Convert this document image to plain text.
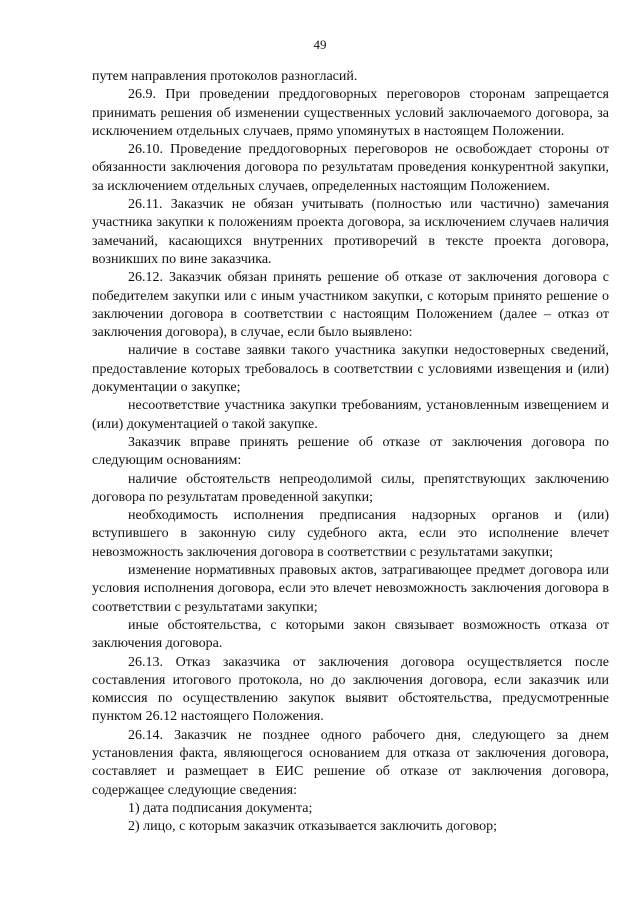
49

путем направления протоколов разногласий.

26.9. При проведении преддоговорных переговоров сторонам запрещается принимать решения об изменении существенных условий заключаемого договора, за исключением отдельных случаев, прямо упомянутых в настоящем Положении.

26.10. Проведение преддоговорных переговоров не освобождает стороны от обязанности заключения договора по результатам проведения конкурентной закупки, за исключением отдельных случаев, определенных настоящим Положением.

26.11. Заказчик не обязан учитывать (полностью или частично) замечания участника закупки к положениям проекта договора, за исключением случаев наличия замечаний, касающихся внутренних противоречий в тексте проекта договора, возникших по вине заказчика.

26.12. Заказчик обязан принять решение об отказе от заключения договора с победителем закупки или с иным участником закупки, с которым принято решение о заключении договора в соответствии с настоящим Положением (далее – отказ от заключения договора), в случае, если было выявлено:

наличие в составе заявки такого участника закупки недостоверных сведений, предоставление которых требовалось в соответствии с условиями извещения и (или) документации о закупке;

несоответствие участника закупки требованиям, установленным извещением и (или) документацией о такой закупке.

Заказчик вправе принять решение об отказе от заключения договора по следующим основаниям:

наличие обстоятельств непреодолимой силы, препятствующих заключению договора по результатам проведенной закупки;

необходимость исполнения предписания надзорных органов и (или) вступившего в законную силу судебного акта, если это исполнение влечет невозможность заключения договора в соответствии с результатами закупки;

изменение нормативных правовых актов, затрагивающее предмет договора или условия исполнения договора, если это влечет невозможность заключения договора в соответствии с результатами закупки;

иные обстоятельства, с которыми закон связывает возможность отказа от заключения договора.

26.13. Отказ заказчика от заключения договора осуществляется после составления итогового протокола, но до заключения договора, если заказчик или комиссия по осуществлению закупок выявит обстоятельства, предусмотренные пунктом 26.12 настоящего Положения.

26.14. Заказчик не позднее одного рабочего дня, следующего за днем установления факта, являющегося основанием для отказа от заключения договора, составляет и размещает в ЕИС решение об отказе от заключения договора, содержащее следующие сведения:

1) дата подписания документа;

2) лицо, с которым заказчик отказывается заключить договор;
